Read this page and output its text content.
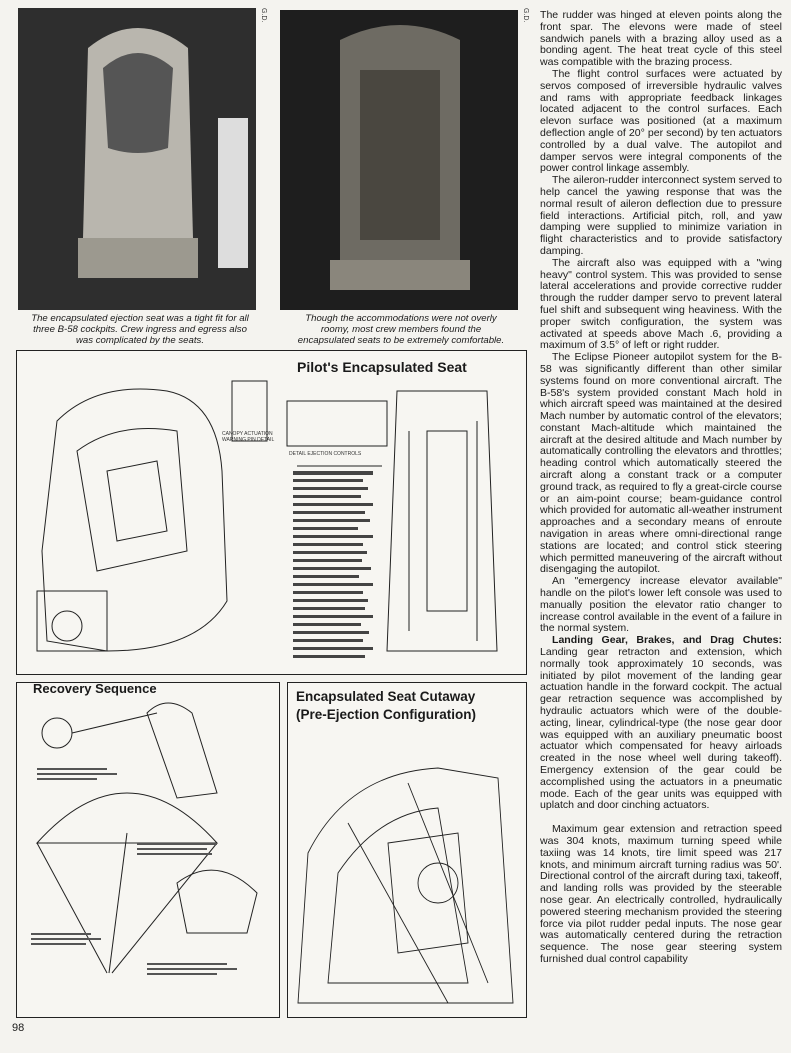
G.D.	G.D.
The encapsulated ejection seat was a tight fit for all three B-58 cockpits. Crew ingress and egress also was complicated by the seats.
Though the accommodations were not overly roomy, most crew members found the encapsulated seats to be extremely comfortable.
Pilot's Encapsulated Seat
CANOPY ACTUATION WARNING PIN DETAIL
DETAIL EJECTION CONTROLS
Recovery Sequence
Encapsulated Seat Cutaway
(Pre-Ejection Configuration)

The rudder was hinged at eleven points along the front spar. The elevons were made of steel sandwich panels with a brazing alloy used as a bonding agent. The heat treat cycle of this steel was compatible with the brazing process.

The flight control surfaces were actuated by servos composed of irreversible hydraulic valves and rams with appropriate feedback linkages located adjacent to the control surfaces. Each elevon surface was positioned (at a maximum deflection angle of 20° per second) by ten actuators controlled by a dual valve. The autopilot and damper servos were integral components of the power control linkage assembly.

The aileron-rudder interconnect system served to help cancel the yawing response that was the normal result of aileron deflection due to pressure field interactions. Artificial pitch, roll, and yaw damping were supplied to minimize variation in flight characteristics and to provide satisfactory damping.

The aircraft also was equipped with a "wing heavy" control system. This was provided to sense lateral accelerations and provide corrective rudder through the rudder damper servo to prevent lateral fuel shift and subsequent wing heaviness. With the proper switch configuration, the system was activated at speeds above Mach .6, providing a maximum of 3.5° of left or right rudder.

The Eclipse Pioneer autopilot system for the B-58 was significantly different than other similar systems found on more conventional aircraft. The B-58's system provided constant Mach hold in which aircraft speed was maintained at the desired Mach number by automatic control of the elevators; constant Mach-altitude which maintained the aircraft at the desired altitude and Mach number by automatically controlling the elevators and throttles; heading control which automatically steered the aircraft along a constant track or a computer ground track, as required to fly a great-circle course or an aim-point course; beam-guidance control which provided for automatic all-weather instrument approaches and a secondary means of enroute navigation in areas where omni-directional range stations are located; and control stick steering which permitted maneuvering of the aircraft without disengaging the autopilot.

An "emergency increase elevator available" handle on the pilot's lower left console was used to manually position the elevator ratio changer to increase control available in the event of a failure in the normal system.

Landing Gear, Brakes, and Drag Chutes: Landing gear retracton and extension, which normally took approximately 10 seconds, was initiated by pilot movement of the landing gear actuation handle in the forward cockpit. The actual gear retraction sequence was accomplished by hydraulic actuators which were of the double-acting, linear, cylindrical-type (the nose gear door was equipped with an auxiliary pneumatic boost actuator which compensated for heavy airloads created in the nose wheel well during takeoff). Emergency extension of the gear could be accomplished using the actuators in a pneumatic mode. Each of the gear units was equipped with uplatch and door cinching actuators.

Maximum gear extension and retraction speed was 304 knots, maximum turning speed while taxiing was 14 knots, tire limit speed was 217 knots, and minimum aircraft turning radius was 50'. Directional control of the aircraft during taxi, takeoff, and landing rolls was provided by the steerable nose gear. An electrically controlled, hydraulically powered steering mechanism provided the steering force via pilot rudder pedal inputs. The nose gear was automatically centered during the retraction sequence. The nose gear steering system furnished dual control capability

98
